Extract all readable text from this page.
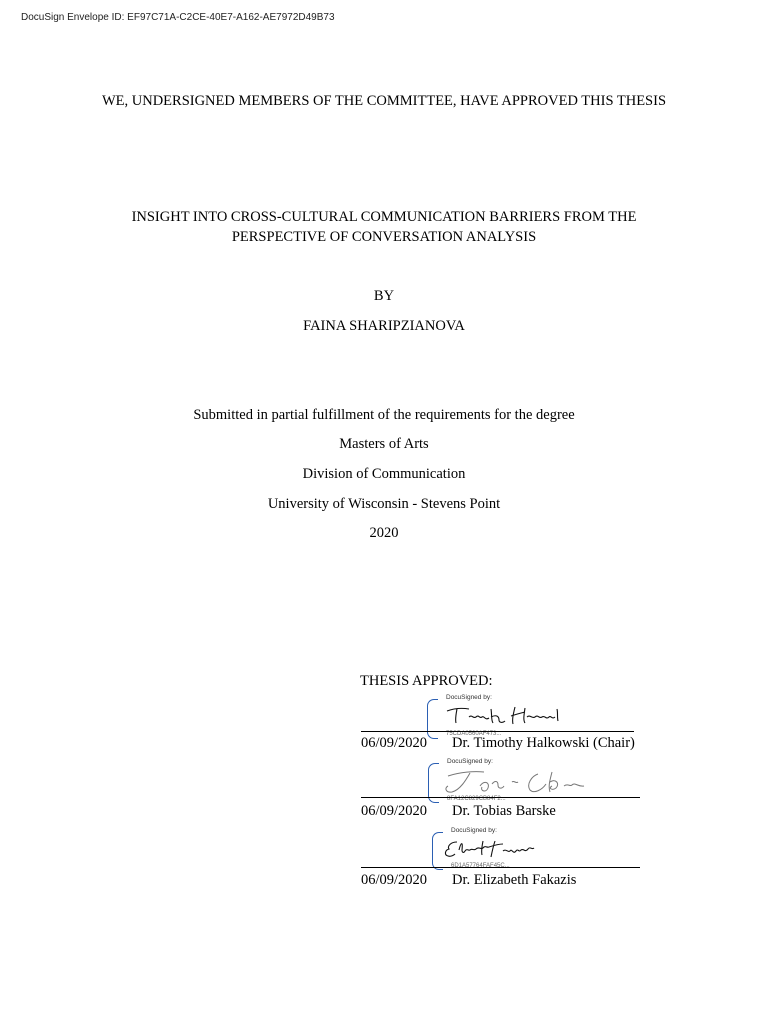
DocuSign Envelope ID: EF97C71A-C2CE-40E7-A162-AE7972D49B73
WE, UNDERSIGNED MEMBERS OF THE COMMITTEE, HAVE APPROVED THIS THESIS
INSIGHT INTO CROSS-CULTURAL COMMUNICATION BARRIERS FROM THE
PERSPECTIVE OF CONVERSATION ANALYSIS
BY
FAINA SHARIPZIANOVA
Submitted in partial fulfillment of the requirements for the degree
Masters of Arts
Division of Communication
University of Wisconsin - Stevens Point
2020
THESIS APPROVED:
DocuSigned by:
75CDA0560AF473...
06/09/2020 Dr. Timothy Halkowski (Chair)
DocuSigned by:
8FA12C829CB84F2...
06/09/2020 Dr. Tobias Barske
DocuSigned by:
6D1A57764FAF45C...
06/09/2020 Dr. Elizabeth Fakazis
